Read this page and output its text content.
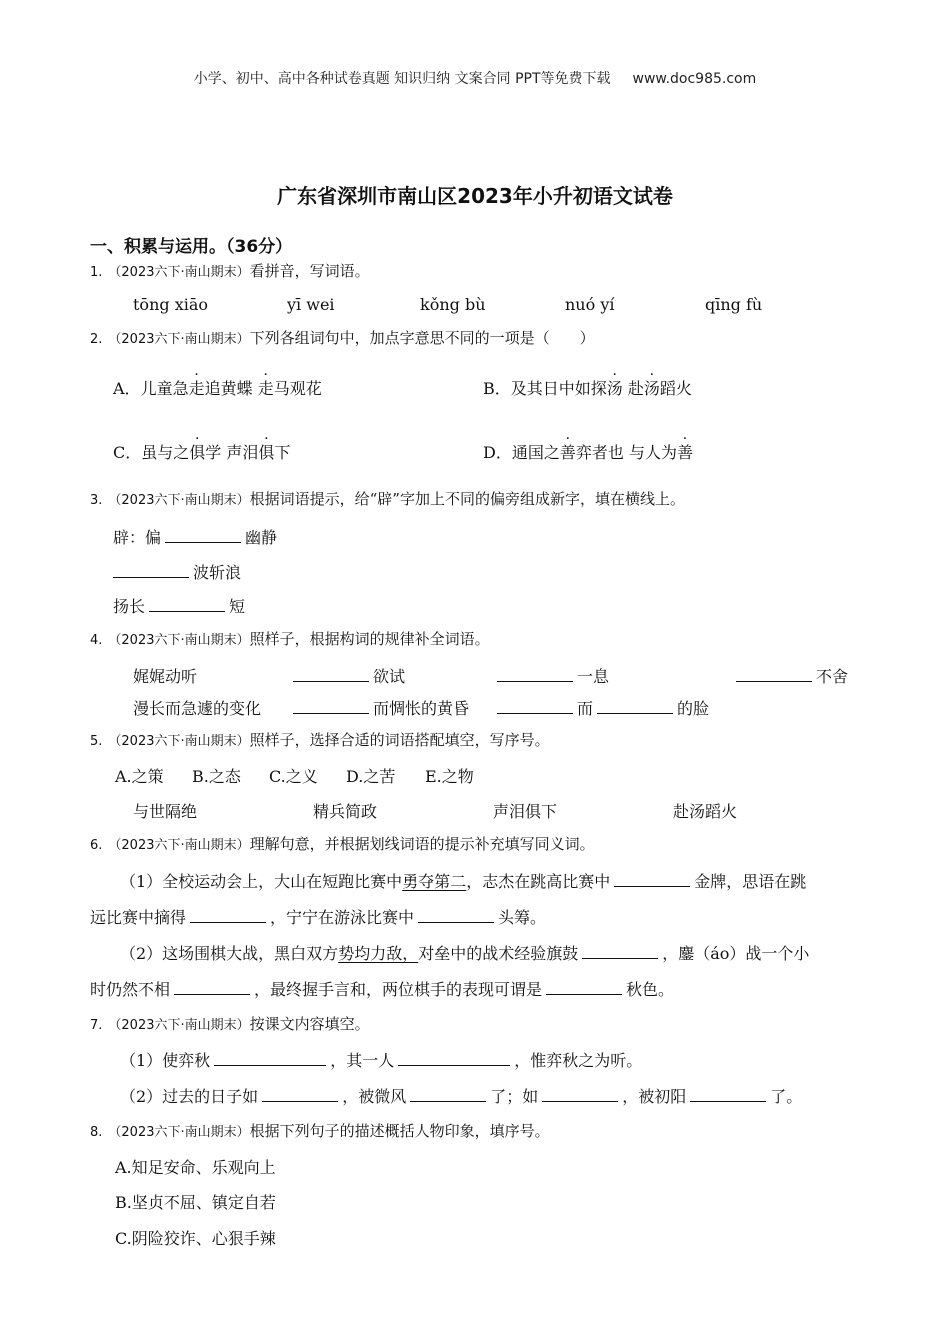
小学、初中、高中各种试卷真题 知识归纳 文案合同 PPT等免费下载 www.doc985.com
广东省深圳市南山区2023年小升初语文试卷
一、积累与运用。（36分）
1. （2023六下·南山期末）看拼音，写词语。
tōng xiāo	yī wei	kǒng bù	nuó yí	qīng fù
2. （2023六下·南山期末）下列各组词句中，加点字意思不同的一项是（　　）
A．儿童急走追黄蝶 走马观花	B．及其日中如探汤 赴汤蹈火
C．虽与之俱学 声泪俱下	D．通国之善弈者也 与人为善
3. （2023六下·南山期末）根据词语提示，给“辟”字加上不同的偏旁组成新字，填在横线上。
辟：偏	幽静
波斩浪
扬长	短
4. （2023六下·南山期末）照样子，根据构词的规律补全词语。
娓娓动听	欲试	一息	不舍
漫长而急遽的变化	而惆怅的黄昏	而	的脸
5. （2023六下·南山期末）照样子，选择合适的词语搭配填空，写序号。
A.之策 B.之态 C.之义 D.之苦 E.之物
与世隔绝	精兵简政	声泪俱下	赴汤蹈火
6. （2023六下·南山期末）理解句意，并根据划线词语的提示补充填写同义词。
（1）全校运动会上，大山在短跑比赛中勇夺第二，志杰在跳高比赛中	金牌，思语在跳
远比赛中摘得	，宁宁在游泳比赛中	头筹。
（2）这场围棋大战，黑白双方势均力敌，对垒中的战术经验旗鼓	，鏖（áo）战一个小
时仍然不相	，最终握手言和，两位棋手的表现可谓是	秋色。
7. （2023六下·南山期末）按课文内容填空。
（1）使弈秋	，其一人	，惟弈秋之为听。
（2）过去的日子如	，被微风	了；如	，被初阳	了。
8. （2023六下·南山期末）根据下列句子的描述概括人物印象，填序号。
A.知足安命、乐观向上
B.坚贞不屈、镇定自若
C.阴险狡诈、心狠手辣
